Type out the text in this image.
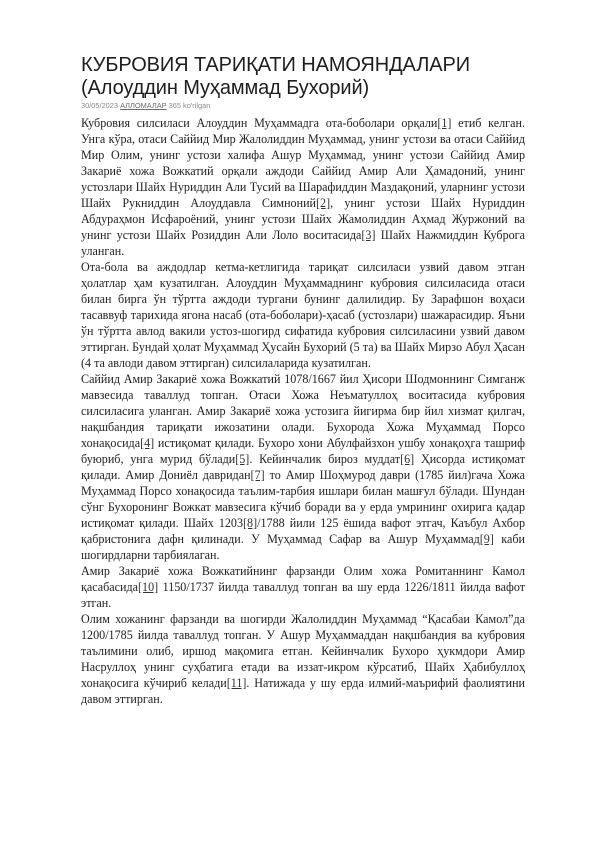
КУБРОВИЯ ТАРИҚАТИ НАМОЯНДАЛАРИ (Алоуддин Муҳаммад Бухорий)
30/05/2023 АЛЛОМАЛАР 365 ko'rilgan

Кубровия силсиласи Алоуддин Муҳаммадга ота-боболари орқали[1] етиб келган. Унга кўра, отаси Саййид Мир Жалолиддин Муҳаммад, унинг устози ва отаси Саййид Мир Олим, унинг устози халифа Ашур Муҳаммад, унинг устози Саййид Амир Закариё хожа Вожкатий орқали аждоди Саййид Амир Али Ҳамадоний, унинг устозлари Шайх Нуриддин Али Тусий ва Шарафиддин Маздақоний, уларнинг устози Шайх Рукниддин Алоуддавла Симноний[2], унинг устози Шайх Нуриддин Абдураҳмон Исфароёний, унинг устози Шайх Жамолиддин Аҳмад Журжоний ва унинг устози Шайх Розиддин Али Лоло воситасида[3] Шайх Нажмиддин Куброга уланган.

Ота-бола ва аждодлар кетма-кетлигида тариқат силсиласи узвий давом этган ҳолатлар ҳам кузатилган. Алоуддин Муҳаммаднинг кубровия силсиласида отаси билан бирга ўн тўртта аждоди тургани бунинг далилидир. Бу Зарафшон воҳаси тасаввуф тарихида ягона насаб (ота-боболари)-ҳасаб (устозлари) шажарасидир. Яъни ўн тўртта авлод вакили устоз-шогирд сифатида кубровия силсиласини узвий давом эттирган. Бундай ҳолат Муҳаммад Ҳусайн Бухорий (5 та) ва Шайх Мирзо Абул Ҳасан (4 та авлоди давом эттирган) силсилаларида кузатилган.

Саййид Амир Закариё хожа Вожкатий 1078/1667 йил Ҳисори Шодмоннинг Симганж мавзесида таваллуд топган. Отаси Хожа Неъматуллоҳ воситасида кубровия силсиласига уланган. Амир Закариё хожа устозига йигирма бир йил хизмат қилгач, нақшбандия тариқати ижозатини олади. Бухорода Хожа Муҳаммад Порсо хонақосида[4] истиқомат қилади. Бухоро хони Абулфайзхон ушбу хонақоҳга ташриф буюриб, унга мурид бўлади[5]. Кейинчалик бироз муддат[6] Ҳисорда истиқомат қилади. Амир Дониёл давридан[7] то Амир Шоҳмурод даври (1785 йил)гача Хожа Муҳаммад Порсо хонақосида таълим-тарбия ишлари билан машғул бўлади. Шундан сўнг Бухоронинг Вожкат мавзесига кўчиб боради ва у ерда умрининг охирига қадар истиқомат қилади. Шайх 1203[8]/1788 йили 125 ёшида вафот этгач, Каъбул Ахбор қабристонига дафн қилинади. У Муҳаммад Сафар ва Ашур Муҳаммад[9] каби шогирдларни тарбиялаган.

Амир Закариё хожа Вожкатийнинг фарзанди Олим хожа Ромитаннинг Камол қасабасида[10] 1150/1737 йилда таваллуд топган ва шу ерда 1226/1811 йилда вафот этган.

Олим хожанинг фарзанди ва шогирди Жалолиддин Муҳаммад “Қасабаи Камол”да 1200/1785 йилда таваллуд топган. У Ашур Муҳаммаддан нақшбандия ва кубровия таълимини олиб, иршод мақомига етган. Кейинчалик Бухоро ҳукмдори Амир Насруллоҳ унинг суҳбатига етади ва иззат-икром кўрсатиб, Шайх Ҳабибуллоҳ хонақосига кўчириб келади[11]. Натижада у шу ерда илмий-маърифий фаолиятини давом эттирган.
